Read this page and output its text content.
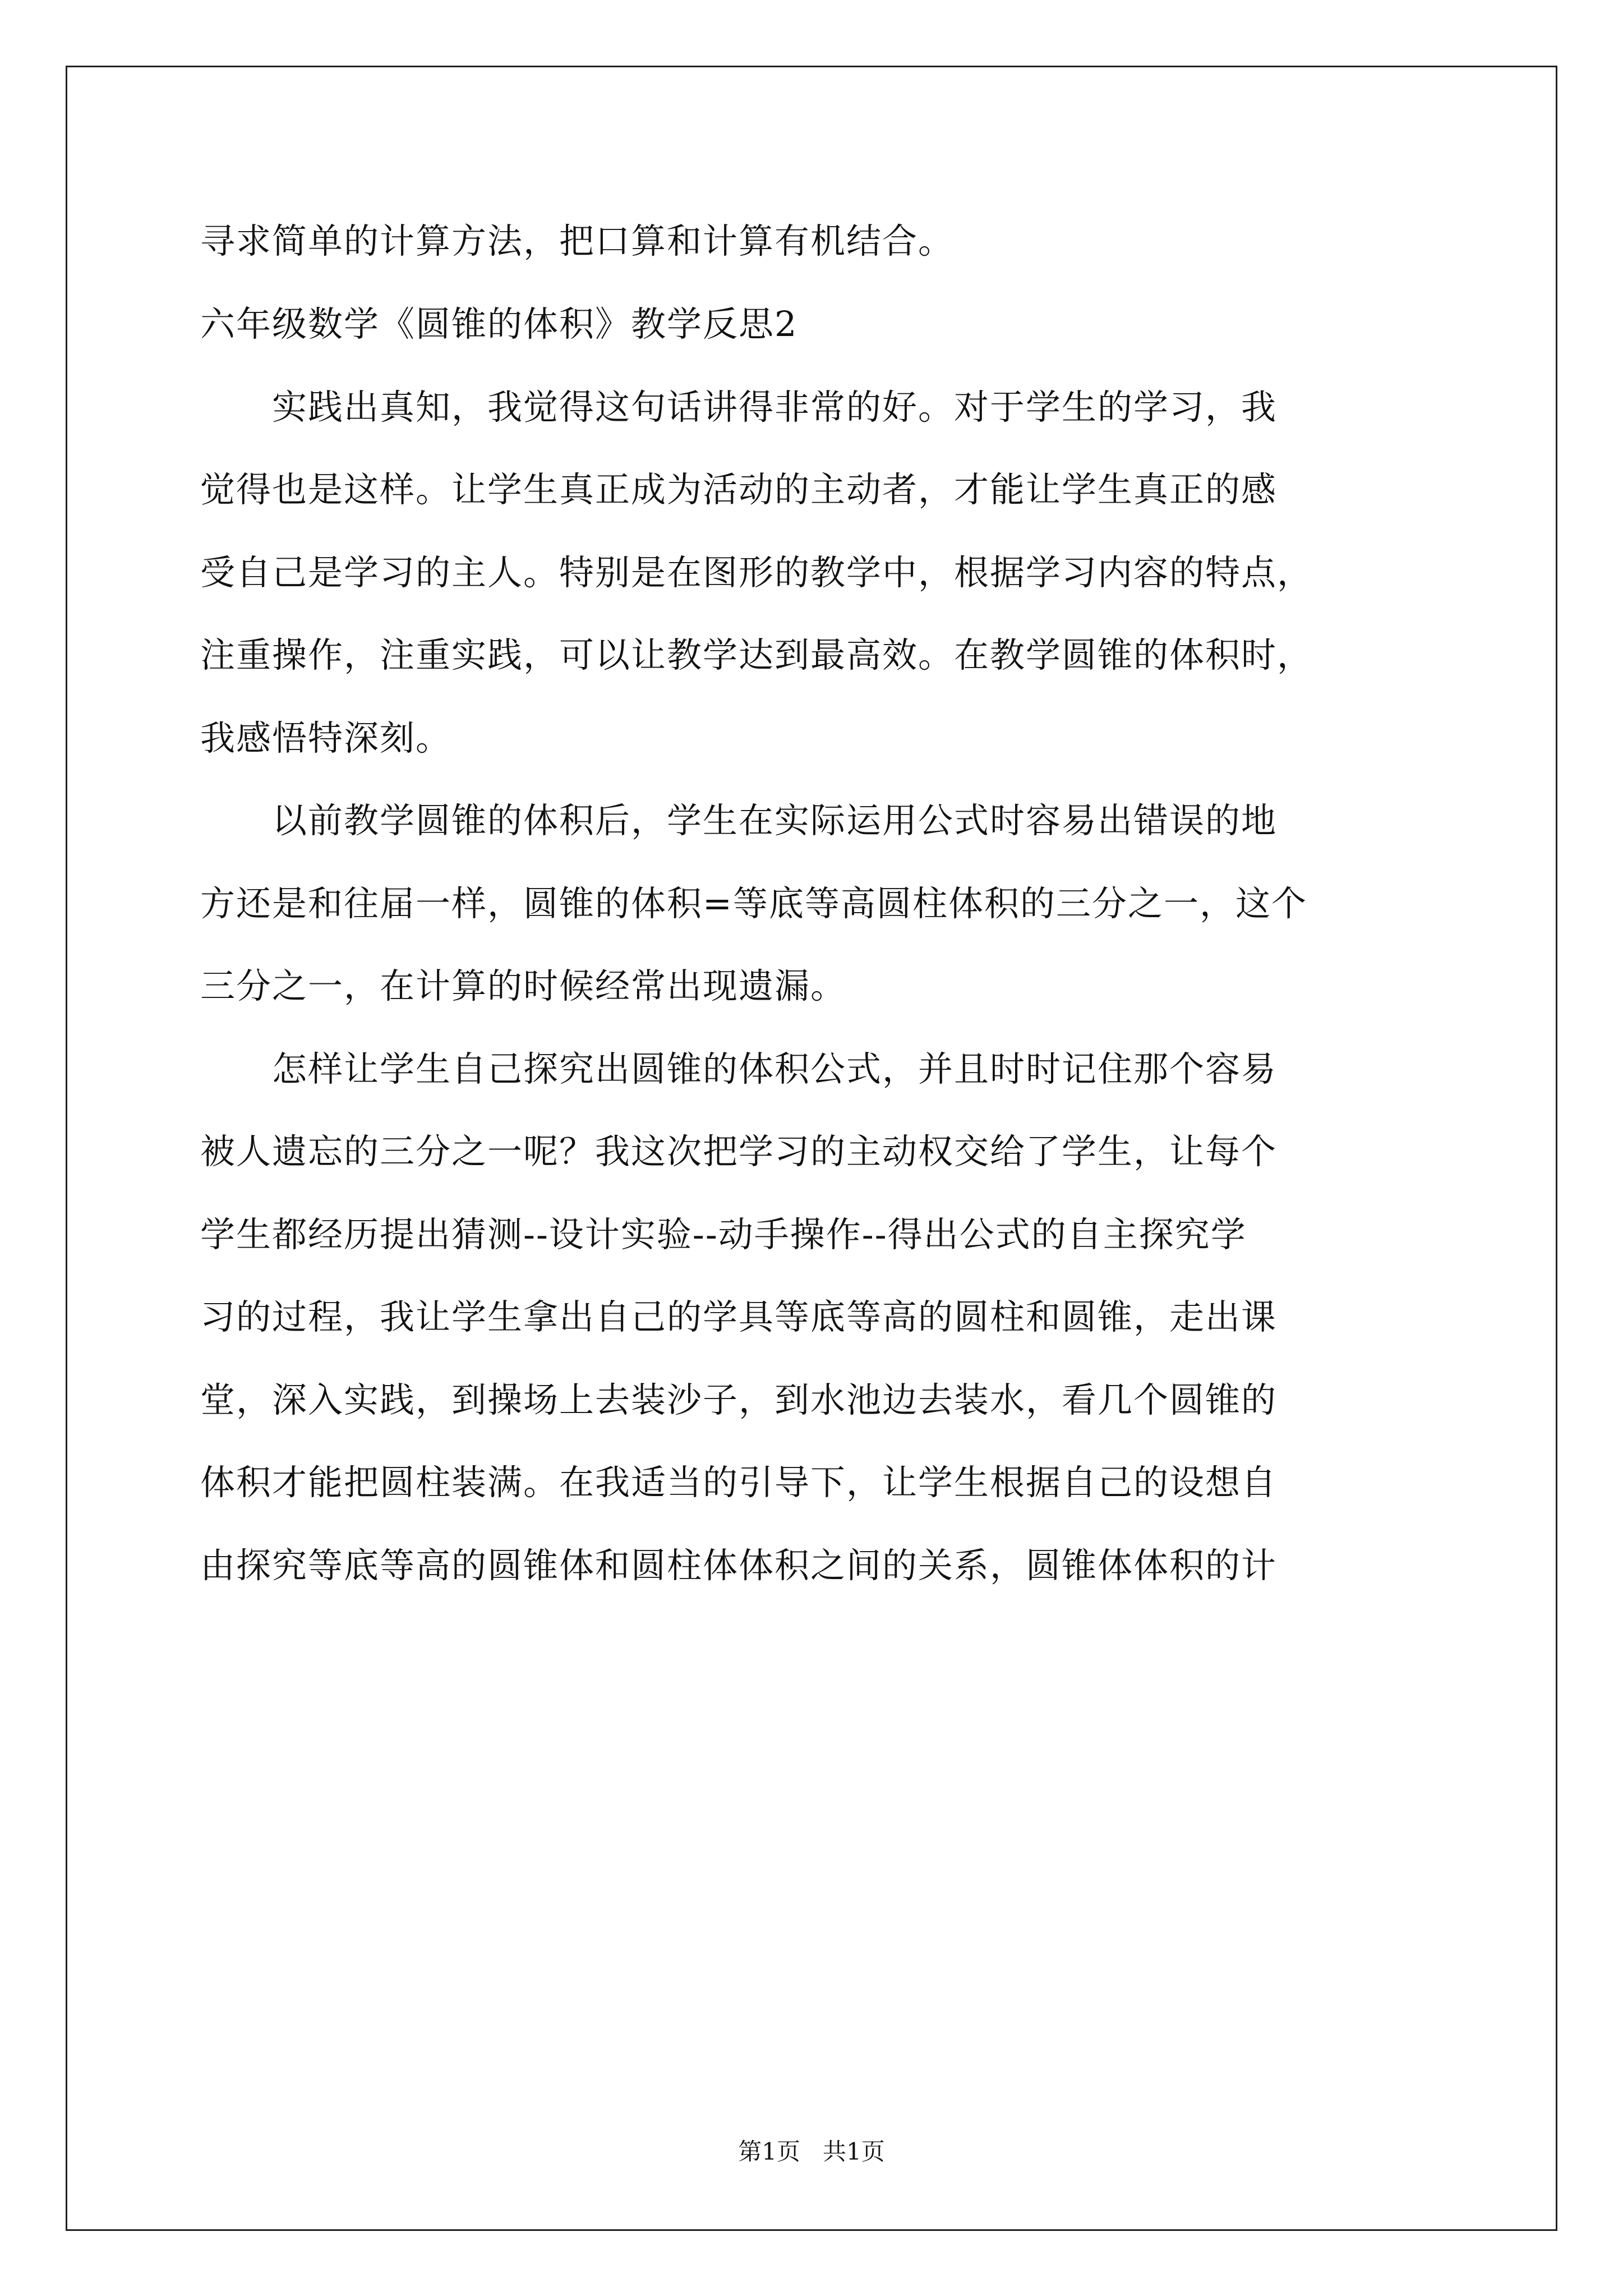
寻求简单的计算方法，把口算和计算有机结合。
六年级数学《圆锥的体积》教学反思2
　　实践出真知，我觉得这句话讲得非常的好。对于学生的学习，我
觉得也是这样。让学生真正成为活动的主动者，才能让学生真正的感
受自己是学习的主人。特别是在图形的教学中，根据学习内容的特点，
注重操作，注重实践，可以让教学达到最高效。在教学圆锥的体积时，
我感悟特深刻。
　　以前教学圆锥的体积后，学生在实际运用公式时容易出错误的地
方还是和往届一样，圆锥的体积=等底等高圆柱体积的三分之一，这个
三分之一，在计算的时候经常出现遗漏。
　　怎样让学生自己探究出圆锥的体积公式，并且时时记住那个容易
被人遗忘的三分之一呢？我这次把学习的主动权交给了学生，让每个
学生都经历提出猜测--设计实验--动手操作--得出公式的自主探究学
习的过程，我让学生拿出自己的学具等底等高的圆柱和圆锥，走出课
堂，深入实践，到操场上去装沙子，到水池边去装水，看几个圆锥的
体积才能把圆柱装满。在我适当的引导下，让学生根据自己的设想自
由探究等底等高的圆锥体和圆柱体体积之间的关系，圆锥体体积的计
第1页 共1页
